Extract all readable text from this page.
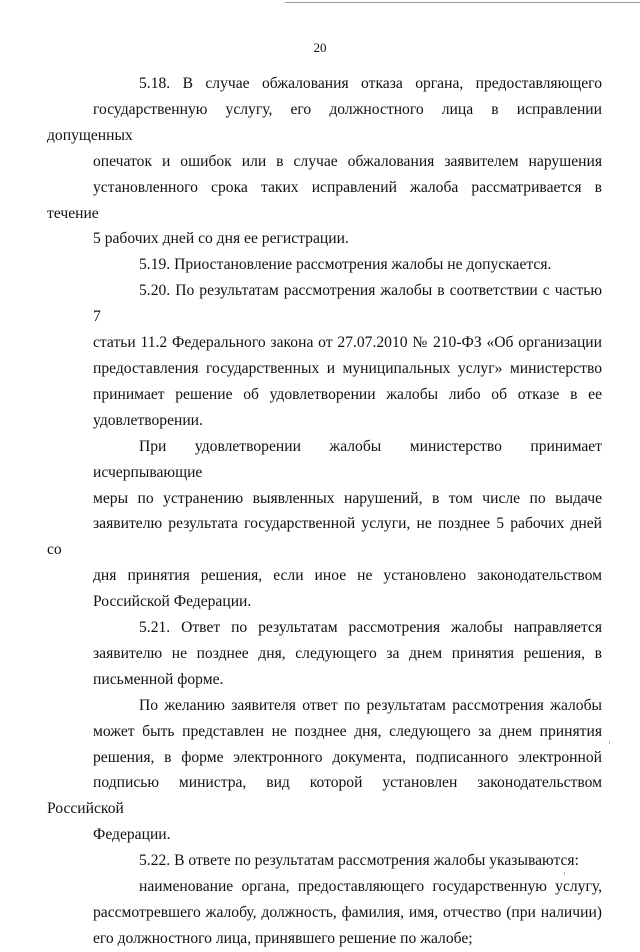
20
5.18. В случае обжалования отказа органа, предоставляющего
государственную услугу, его должностного лица в исправлении допущенных
опечаток и ошибок или в случае обжалования заявителем нарушения
установленного срока таких исправлений жалоба рассматривается в течение
5 рабочих дней со дня ее регистрации.
5.19. Приостановление рассмотрения жалобы не допускается.
5.20. По результатам рассмотрения жалобы в соответствии с частью 7
статьи 11.2 Федерального закона от 27.07.2010 № 210-ФЗ «Об организации
предоставления государственных и муниципальных услуг» министерство
принимает решение об удовлетворении жалобы либо об отказе в ее
удовлетворении.
При удовлетворении жалобы министерство принимает исчерпывающие
меры по устранению выявленных нарушений, в том числе по выдаче
заявителю результата государственной услуги, не позднее 5 рабочих дней со
дня принятия решения, если иное не установлено законодательством
Российской Федерации.
5.21. Ответ по результатам рассмотрения жалобы направляется
заявителю не позднее дня, следующего за днем принятия решения, в
письменной форме.
По желанию заявителя ответ по результатам рассмотрения жалобы
может быть представлен не позднее дня, следующего за днем принятия
решения, в форме электронного документа, подписанного электронной
подписью министра, вид которой установлен законодательством Российской
Федерации.
5.22. В ответе по результатам рассмотрения жалобы указываются:
наименование органа, предоставляющего государственную услугу,
рассмотревшего жалобу, должность, фамилия, имя, отчество (при наличии)
его должностного лица, принявшего решение по жалобе;
